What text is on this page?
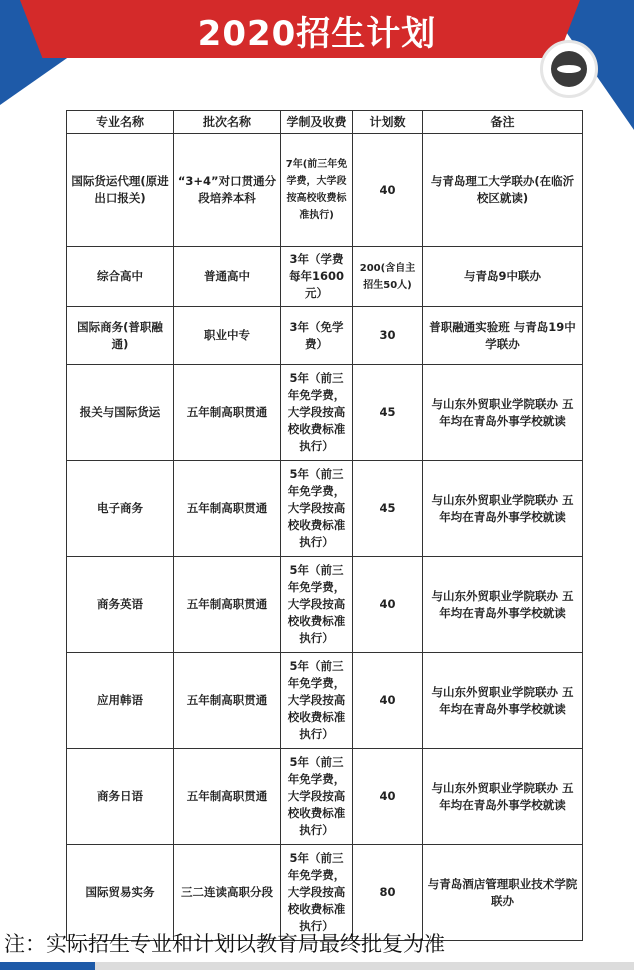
2020招生计划
专业名称	批次名称	学制及收费	计划数	备注
国际货运代理(原进出口报关)	“3+4”对口贯通分段培养本科	7年(前三年免学费，大学段按高校收费标准执行)	40	与青岛理工大学联办(在临沂校区就读)
综合高中	普通高中	3年（学费每年1600元）	200(含自主招生50人)	与青岛9中联办
国际商务(普职融通)	职业中专	3年（免学费）	30	普职融通实验班 与青岛19中学联办
报关与国际货运	五年制高职贯通	5年（前三年免学费，大学段按高校收费标准执行）	45	与山东外贸职业学院联办 五年均在青岛外事学校就读
电子商务	五年制高职贯通	5年（前三年免学费，大学段按高校收费标准执行）	45	与山东外贸职业学院联办 五年均在青岛外事学校就读
商务英语	五年制高职贯通	5年（前三年免学费，大学段按高校收费标准执行）	40	与山东外贸职业学院联办 五年均在青岛外事学校就读
应用韩语	五年制高职贯通	5年（前三年免学费，大学段按高校收费标准执行）	40	与山东外贸职业学院联办 五年均在青岛外事学校就读
商务日语	五年制高职贯通	5年（前三年免学费，大学段按高校收费标准执行）	40	与山东外贸职业学院联办 五年均在青岛外事学校就读
国际贸易实务	三二连读高职分段	5年（前三年免学费，大学段按高校收费标准执行）	80	与青岛酒店管理职业技术学院联办
注：实际招生专业和计划以教育局最终批复为准
